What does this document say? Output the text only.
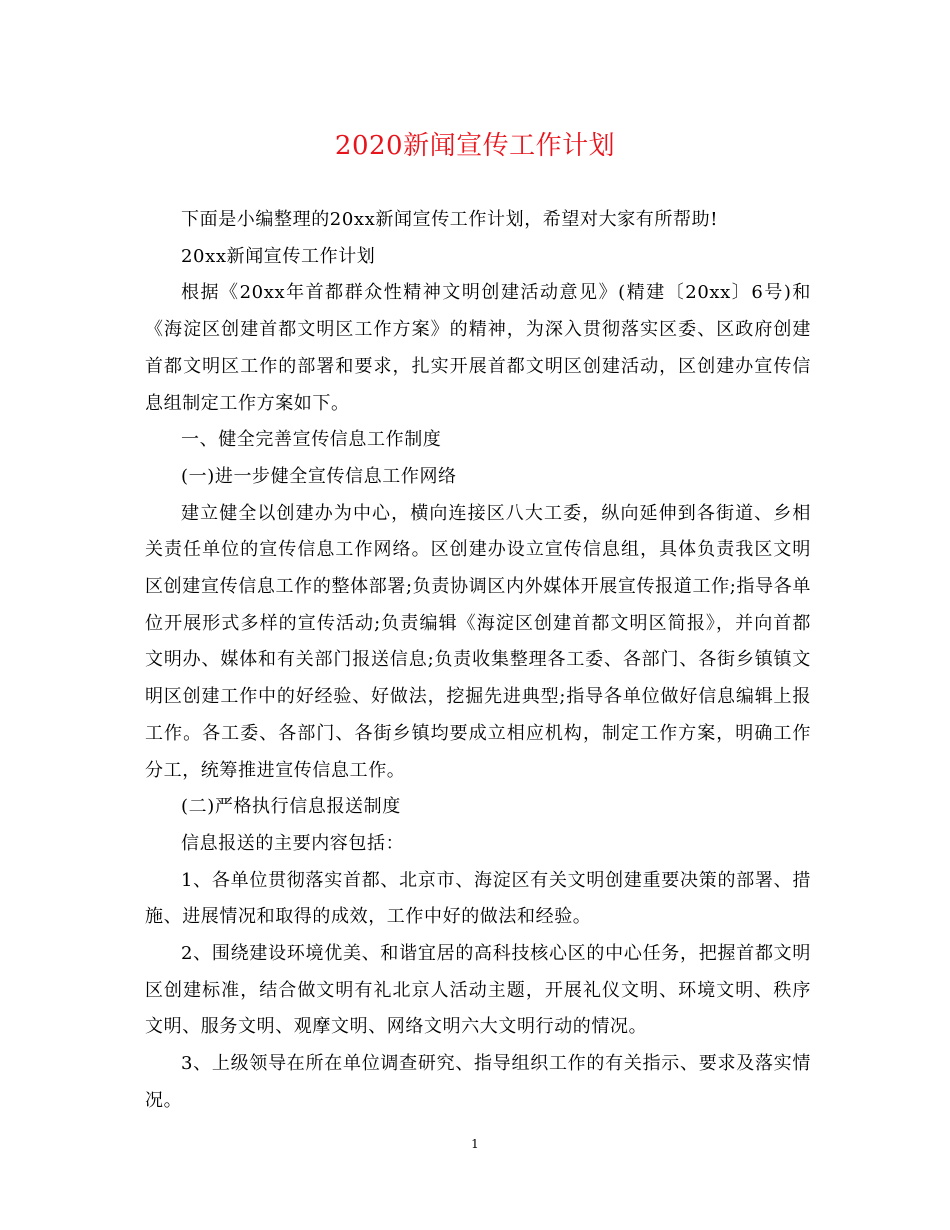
2020新闻宣传工作计划

下面是小编整理的20xx新闻宣传工作计划，希望对大家有所帮助!

20xx新闻宣传工作计划

根据《20xx年首都群众性精神文明创建活动意见》(精建〔20xx〕6号)和《海淀区创建首都文明区工作方案》的精神，为深入贯彻落实区委、区政府创建首都文明区工作的部署和要求，扎实开展首都文明区创建活动，区创建办宣传信息组制定工作方案如下。

一、健全完善宣传信息工作制度

(一)进一步健全宣传信息工作网络

建立健全以创建办为中心，横向连接区八大工委，纵向延伸到各街道、乡相关责任单位的宣传信息工作网络。区创建办设立宣传信息组，具体负责我区文明区创建宣传信息工作的整体部署;负责协调区内外媒体开展宣传报道工作;指导各单位开展形式多样的宣传活动;负责编辑《海淀区创建首都文明区简报》，并向首都文明办、媒体和有关部门报送信息;负责收集整理各工委、各部门、各街乡镇镇文明区创建工作中的好经验、好做法，挖掘先进典型;指导各单位做好信息编辑上报工作。各工委、各部门、各街乡镇均要成立相应机构，制定工作方案，明确工作分工，统筹推进宣传信息工作。

(二)严格执行信息报送制度

信息报送的主要内容包括：

1、各单位贯彻落实首都、北京市、海淀区有关文明创建重要决策的部署、措施、进展情况和取得的成效，工作中好的做法和经验。

2、围绕建设环境优美、和谐宜居的高科技核心区的中心任务，把握首都文明区创建标准，结合做文明有礼北京人活动主题，开展礼仪文明、环境文明、秩序文明、服务文明、观摩文明、网络文明六大文明行动的情况。

3、上级领导在所在单位调查研究、指导组织工作的有关指示、要求及落实情况。

1
